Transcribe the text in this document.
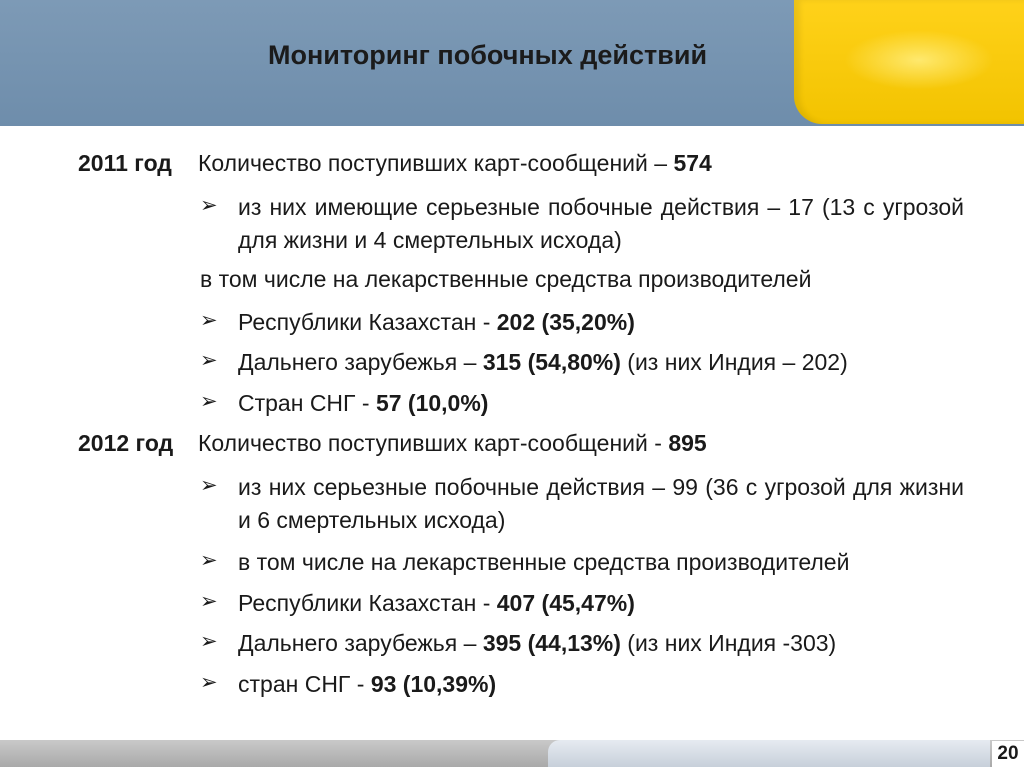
Мониторинг побочных действий
2011 год Количество поступивших карт-сообщений – 574
➢ из них имеющие серьезные побочные действия – 17 (13 с угрозой для жизни и 4 смертельных исхода)
в том числе на лекарственные средства производителей
➢ Республики Казахстан - 202 (35,20%)
➢ Дальнего зарубежья – 315 (54,80%) (из них Индия – 202)
➢ Стран СНГ - 57 (10,0%)
2012 год Количество поступивших карт-сообщений - 895
➢ из них серьезные побочные действия – 99 (36 с угрозой для жизни и 6 смертельных исхода)
➢ в том числе на лекарственные средства производителей
➢ Республики Казахстан - 407 (45,47%)
➢ Дальнего зарубежья – 395 (44,13%) (из них Индия -303)
➢ стран СНГ - 93 (10,39%)
20
